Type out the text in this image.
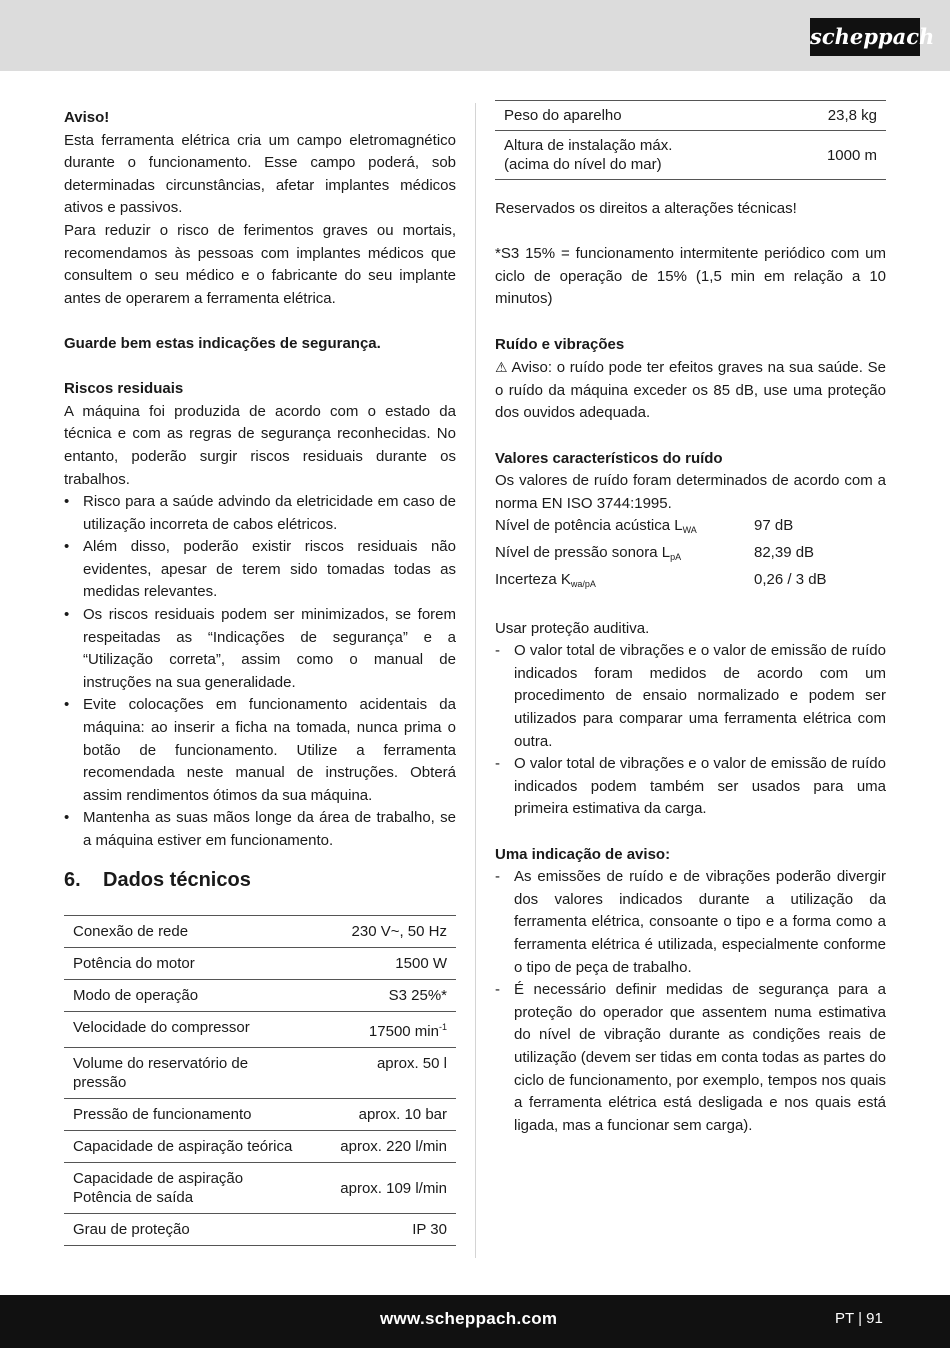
scheppach

Aviso!

Esta ferramenta elétrica cria um campo eletromagnético durante o funcionamento. Esse campo poderá, sob determinadas circunstâncias, afetar implantes médicos ativos e passivos.

Para reduzir o risco de ferimentos graves ou mortais, recomendamos às pessoas com implantes médicos que consultem o seu médico e o fabricante do seu implante antes de operarem a ferramenta elétrica.

Guarde bem estas indicações de segurança.

Riscos residuais

A máquina foi produzida de acordo com o estado da técnica e com as regras de segurança reconhecidas. No entanto, poderão surgir riscos residuais durante os trabalhos.

• Risco para a saúde advindo da eletricidade em caso de utilização incorreta de cabos elétricos.
• Além disso, poderão existir riscos residuais não evidentes, apesar de terem sido tomadas todas as medidas relevantes.
• Os riscos residuais podem ser minimizados, se forem respeitadas as “Indicações de segurança” e a “Utilização correta”, assim como o manual de instruções na sua generalidade.
• Evite colocações em funcionamento acidentais da máquina: ao inserir a ficha na tomada, nunca prima o botão de funcionamento. Utilize a ferramenta recomendada neste manual de instruções. Obterá assim rendimentos ótimos da sua máquina.
• Mantenha as suas mãos longe da área de trabalho, se a máquina estiver em funcionamento.
6.	Dados técnicos
Conexão de rede	230 V~, 50 Hz
Potência do motor	1500 W
Modo de operação	S3 25%*
Velocidade do compressor	17500 $\min^{-1}$
Volume do reservatório de pressão	aprox. 50 l
Pressão de funcionamento	aprox. 10 bar
Capacidade de aspiração teórica	aprox. 220 l/min
Capacidade de aspiração Potência de saída	aprox. 109 l/min
Grau de proteção	IP 30
Peso do aparelho	23,8 kg
Altura de instalação máx. (acima do nível do mar)	1000 m

Reservados os direitos a alterações técnicas!

*S3 15% = funcionamento intermitente periódico com um ciclo de operação de 15% (1,5 min em relação a 10 minutos)

Ruído e vibrações

⚠ Aviso: o ruído pode ter efeitos graves na sua saúde. Se o ruído da máquina exceder os 85 dB, use uma proteção dos ouvidos adequada.

Valores característicos do ruído

Os valores de ruído foram determinados de acordo com a norma EN ISO 3744:1995.

Nível de potência acústica $L_{WA}$	97 dB
Nível de pressão sonora $L_{pA}$	82,39 dB
Incerteza $K_{wa/pA}$	0,26 / 3 dB

Usar proteção auditiva.

- O valor total de vibrações e o valor de emissão de ruído indicados foram medidos de acordo com um procedimento de ensaio normalizado e podem ser utilizados para comparar uma ferramenta elétrica com outra.
- O valor total de vibrações e o valor de emissão de ruído indicados podem também ser usados para uma primeira estimativa da carga.

Uma indicação de aviso:

- As emissões de ruído e de vibrações poderão divergir dos valores indicados durante a utilização da ferramenta elétrica, consoante o tipo e a forma como a ferramenta elétrica é utilizada, especialmente conforme o tipo de peça de trabalho.
- É necessário definir medidas de segurança para a proteção do operador que assentem numa estimativa do nível de vibração durante as condições reais de utilização (devem ser tidas em conta todas as partes do ciclo de funcionamento, por exemplo, tempos nos quais a ferramenta elétrica está desligada e nos quais está ligada, mas a funcionar sem carga).
www.scheppach.com	PT | 91
